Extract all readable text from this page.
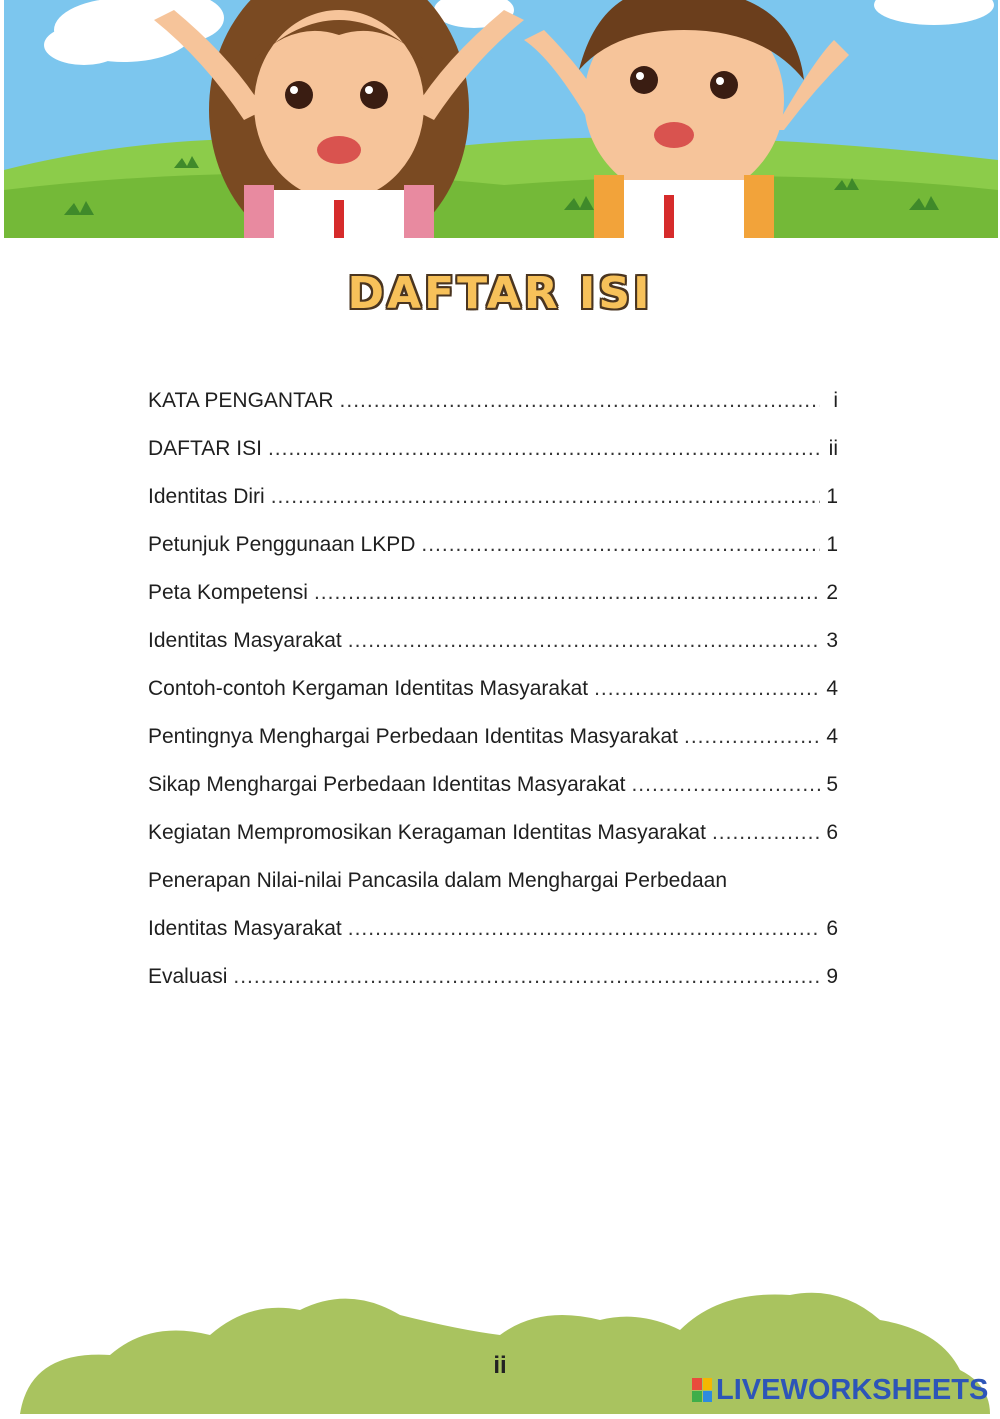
DAFTAR ISI
KATA PENGANTAR .....	i
DAFTAR ISI .....	ii
Identitas Diri .....	1
Petunjuk Penggunaan LKPD .....	1
Peta Kompetensi .....	2
Identitas Masyarakat .....	3
Contoh-contoh Kergaman Identitas Masyarakat .....	4
Pentingnya Menghargai Perbedaan Identitas Masyarakat .....	4
Sikap Menghargai Perbedaan Identitas Masyarakat .....	5
Kegiatan Mempromosikan Keragaman Identitas Masyarakat .....	6
Penerapan Nilai-nilai Pancasila dalam Menghargai Perbedaan
Identitas Masyarakat .....	6
Evaluasi .....	9
ii
LIVEWORKSHEETS
